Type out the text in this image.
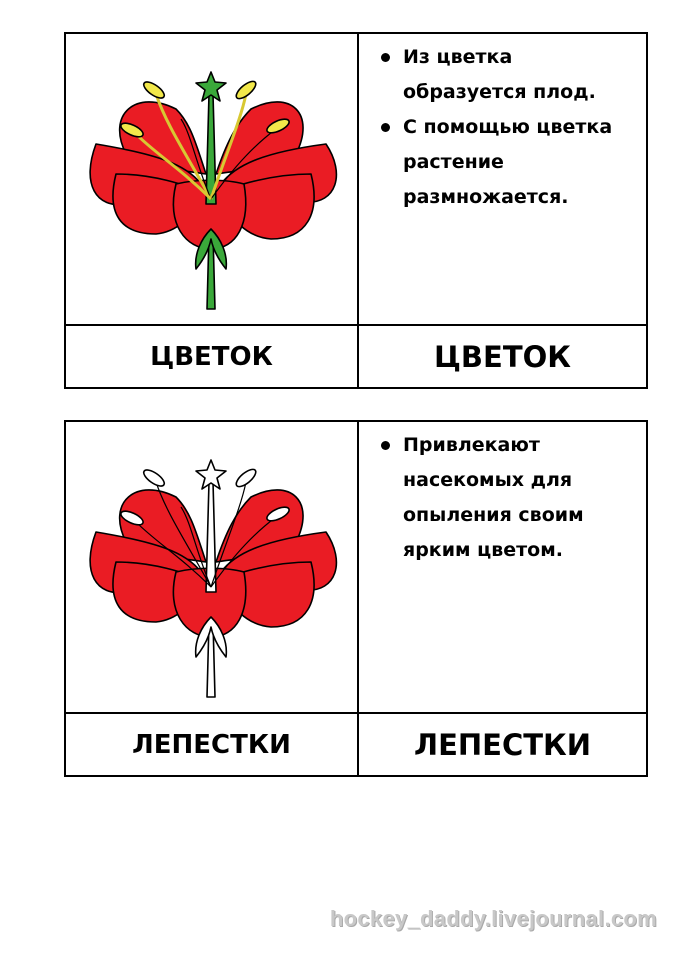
Из цветка образуется плод.
С помощью цветка растение размножается.
ЦВЕТОК	ЦВЕТОК
Привлекают насекомых для опыления своим ярким цветом.
ЛЕПЕСТКИ	ЛЕПЕСТКИ
hockey_daddy.livejournal.com
